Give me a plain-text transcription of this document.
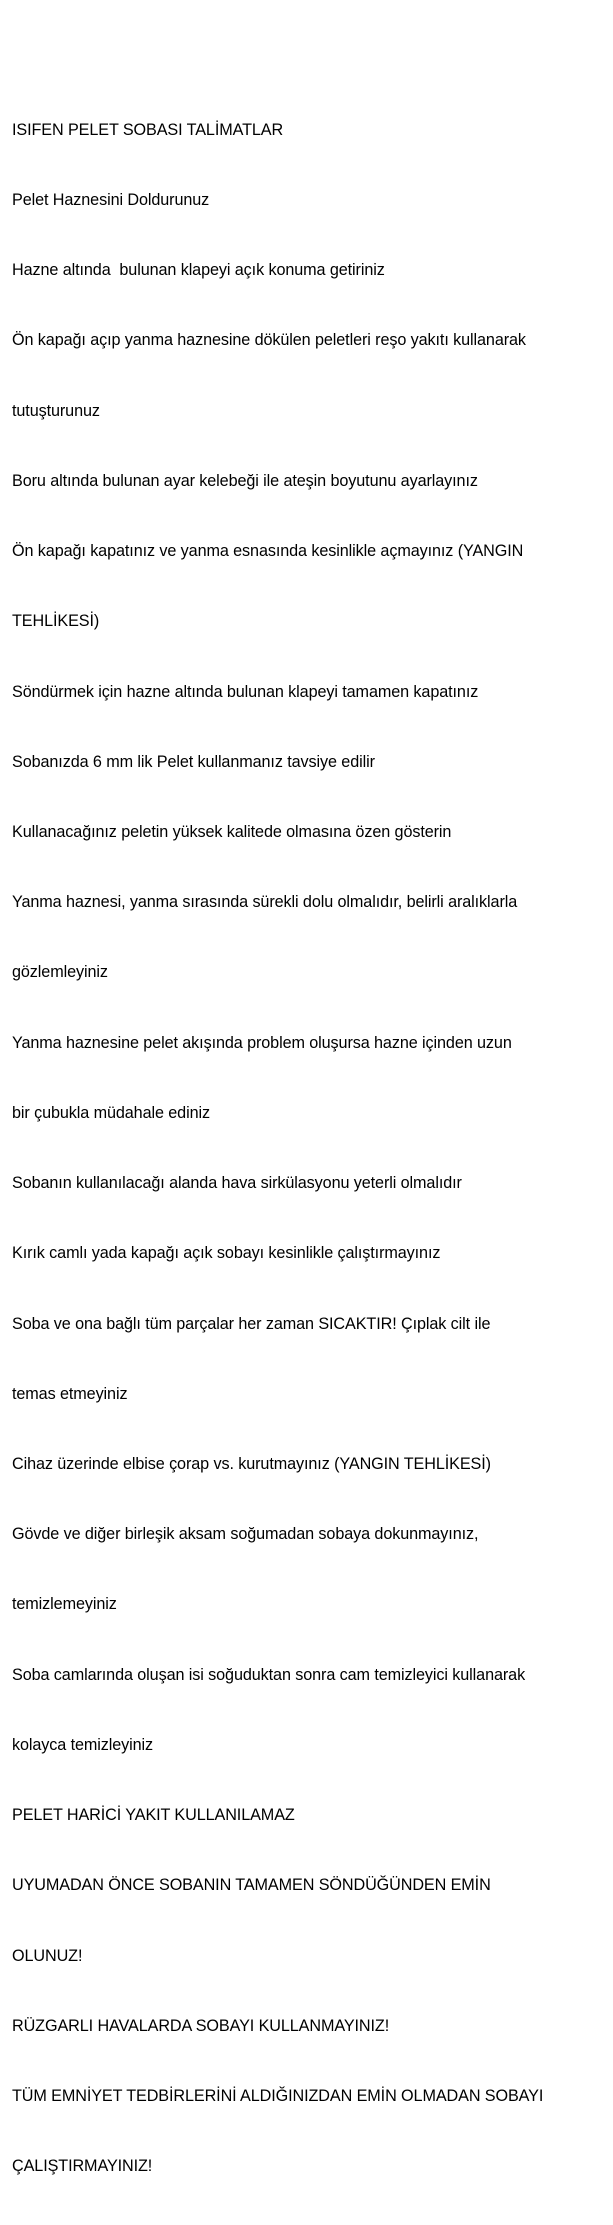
ISIFEN PELET SOBASI TALİMATLAR

Pelet Haznesini Doldurunuz

Hazne altında  bulunan klapeyi açık konuma getiriniz

Ön kapağı açıp yanma haznesine dökülen peletleri reşo yakıtı kullanarak

tutuşturunuz

Boru altında bulunan ayar kelebeği ile ateşin boyutunu ayarlayınız

Ön kapağı kapatınız ve yanma esnasında kesinlikle açmayınız (YANGIN

TEHLİKESİ)

Söndürmek için hazne altında bulunan klapeyi tamamen kapatınız

Sobanızda 6 mm lik Pelet kullanmanız tavsiye edilir

Kullanacağınız peletin yüksek kalitede olmasına özen gösterin

Yanma haznesi, yanma sırasında sürekli dolu olmalıdır, belirli aralıklarla

gözlemleyiniz

Yanma haznesine pelet akışında problem oluşursa hazne içinden uzun

bir çubukla müdahale ediniz

Sobanın kullanılacağı alanda hava sirkülasyonu yeterli olmalıdır

Kırık camlı yada kapağı açık sobayı kesinlikle çalıştırmayınız

Soba ve ona bağlı tüm parçalar her zaman SICAKTIR! Çıplak cilt ile

temas etmeyiniz

Cihaz üzerinde elbise çorap vs. kurutmayınız (YANGIN TEHLİKESİ)

Gövde ve diğer birleşik aksam soğumadan sobaya dokunmayınız,

temizlemeyiniz

Soba camlarında oluşan isi soğuduktan sonra cam temizleyici kullanarak

kolayca temizleyiniz

PELET HARİCİ YAKIT KULLANILAMAZ

UYUMADAN ÖNCE SOBANIN TAMAMEN SÖNDÜĞÜNDEN EMİN

OLUNUZ!

RÜZGARLI HAVALARDA SOBAYI KULLANMAYINIZ!

TÜM EMNİYET TEDBİRLERİNİ ALDIĞINIZDAN EMİN OLMADAN SOBAYI

ÇALIŞTIRMAYINIZ!
